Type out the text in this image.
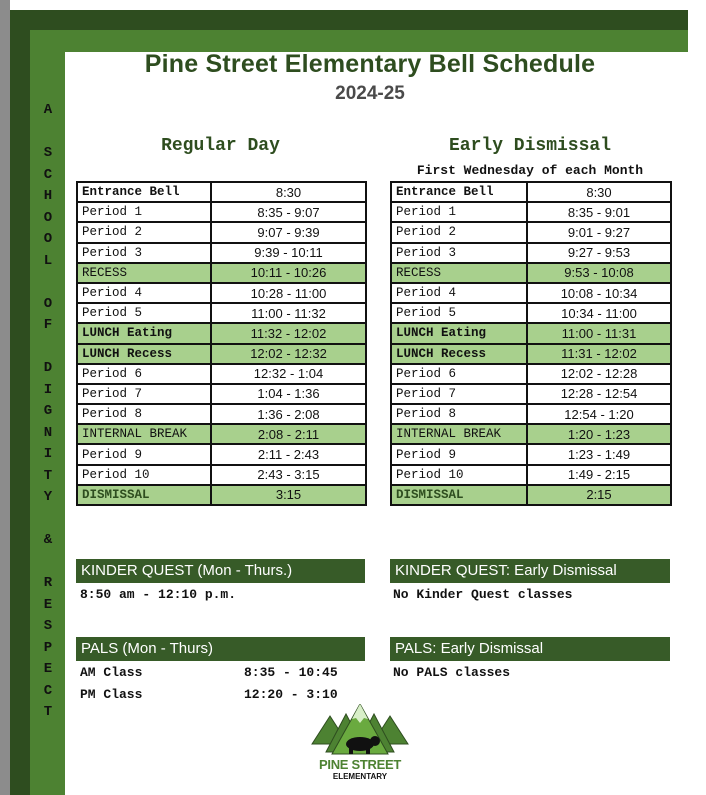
A

S
C
H
O
O
L

O
F

D
I
G
N
I
T
Y

&

R
E
S
P
E
C
T
Pine Street Elementary Bell Schedule
2024-25
Regular Day	Early Dismissal
First Wednesday of each Month
Entrance Bell	8:30
Period 1	8:35 - 9:07
Period 2	9:07 - 9:39
Period 3	9:39 - 10:11
RECESS	10:11 - 10:26
Period 4	10:28 - 11:00
Period 5	11:00 - 11:32
LUNCH Eating	11:32 - 12:02
LUNCH Recess	12:02 - 12:32
Period 6	12:32 - 1:04
Period 7	1:04 - 1:36
Period 8	1:36 - 2:08
INTERNAL BREAK	2:08 - 2:11
Period 9	2:11 - 2:43
Period 10	2:43 - 3:15
DISMISSAL	3:15
Entrance Bell	8:30
Period 1	8:35 - 9:01
Period 2	9:01 - 9:27
Period 3	9:27 - 9:53
RECESS	9:53 - 10:08
Period 4	10:08 - 10:34
Period 5	10:34 - 11:00
LUNCH Eating	11:00 - 11:31
LUNCH Recess	11:31 - 12:02
Period 6	12:02 - 12:28
Period 7	12:28 - 12:54
Period 8	12:54 - 1:20
INTERNAL BREAK	1:20 - 1:23
Period 9	1:23 - 1:49
Period 10	1:49 - 2:15
DISMISSAL	2:15
KINDER QUEST (Mon - Thurs.)	KINDER QUEST: Early Dismissal
8:50 am - 12:10 p.m.	No Kinder Quest classes
PALS (Mon - Thurs)	PALS: Early Dismissal
AM Class	8:35 - 10:45
PM Class	12:20 - 3:10
No PALS classes
PINE STREET
ELEMENTARY
